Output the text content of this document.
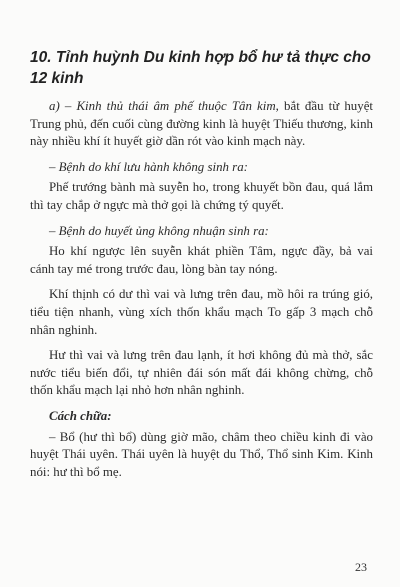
10. Tỉnh huỳnh Du kinh hợp bổ hư tả thực cho 12 kinh

a) – Kinh thủ thái âm phế thuộc Tân kim, bắt đầu từ huyệt Trung phủ, đến cuối cùng đường kinh là huyệt Thiếu thương, kinh này nhiều khí ít huyết giờ dần rót vào kinh mạch này.

– Bệnh do khí lưu hành không sinh ra:

Phế trướng bành mà suyễn ho, trong khuyết bồn đau, quá lắm thì tay chắp ở ngực mà thở gọi là chứng tý quyết.

– Bệnh do huyết ủng không nhuận sinh ra:

Ho khí ngược lên suyễn khát phiền Tâm, ngực đầy, bả vai cánh tay mé trong trước đau, lòng bàn tay nóng.

Khí thịnh có dư thì vai và lưng trên đau, mồ hôi ra trúng gió, tiểu tiện nhanh, vùng xích thốn khẩu mạch To gấp 3 mạch chỗ nhân nghinh.

Hư thì vai và lưng trên đau lạnh, ít hơi không đủ mà thở, sắc nước tiểu biến đổi, tự nhiên đái són mất đái không chừng, chỗ thốn khẩu mạch lại nhỏ hơn nhân nghinh.

Cách chữa:

– Bổ (hư thì bổ) dùng giờ mão, châm theo chiều kinh đi vào huyệt Thái uyên. Thái uyên là huyệt du Thổ, Thổ sinh Kim. Kinh nói: hư thì bổ mẹ.

23
